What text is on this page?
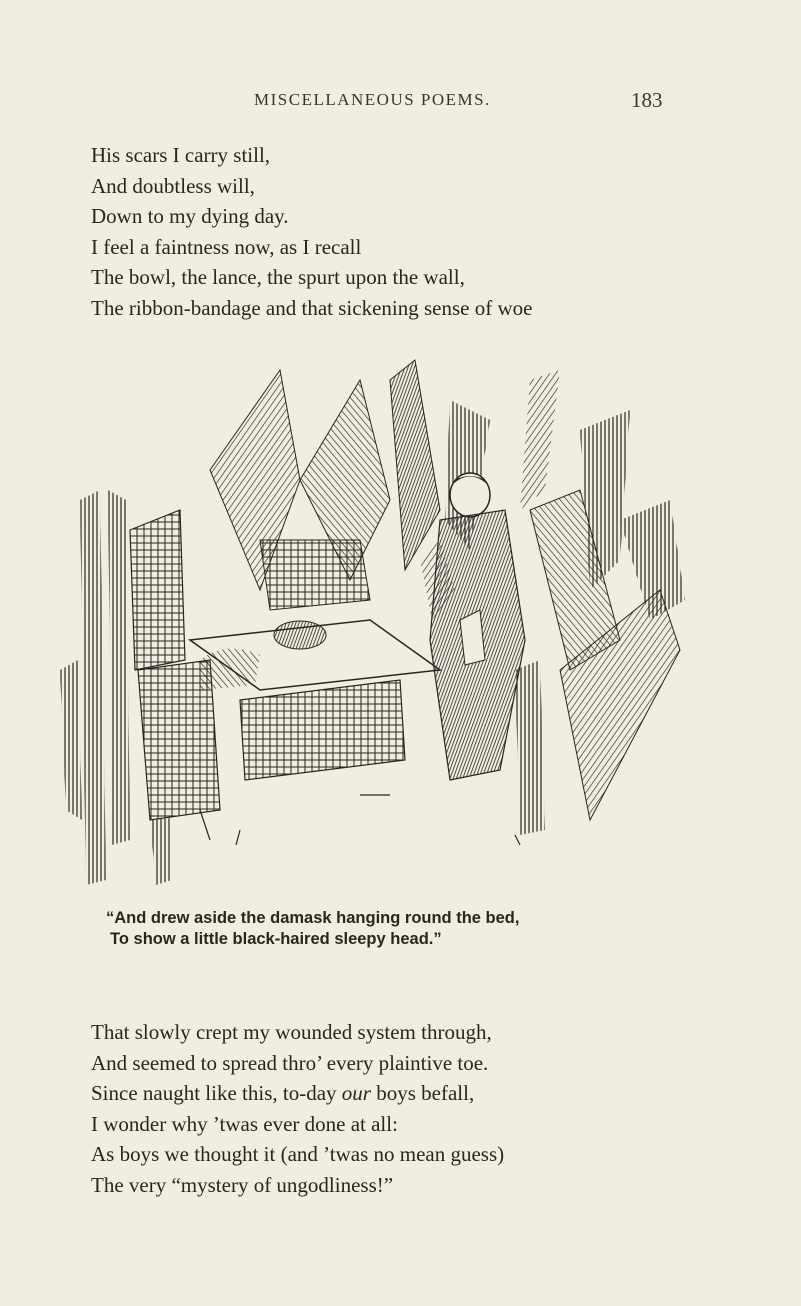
MISCELLANEOUS POEMS.	183
His scars I carry still,
And doubtless will,
Down to my dying day.
I feel a faintness now, as I recall
The bowl, the lance, the spurt upon the wall,
The ribbon-bandage and that sickening sense of woe
“And drew aside the damask hanging round the bed,
To show a little black-haired sleepy head.”
That slowly crept my wounded system through,
And seemed to spread thro’ every plaintive toe.
Since naught like this, to-day our boys befall,
I wonder why ’twas ever done at all:
As boys we thought it (and ’twas no mean guess)
The very “mystery of ungodliness!”
